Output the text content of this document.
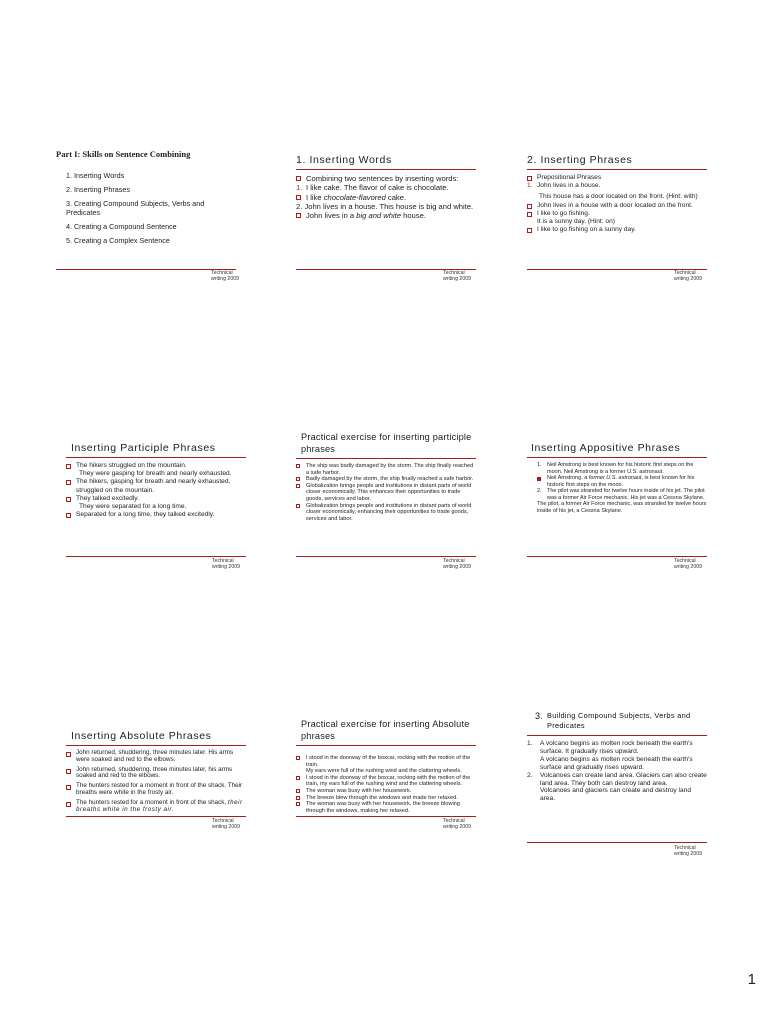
Part I: Skills on Sentence Combining

1. Inserting Words
2. Inserting Phrases
3. Creating Compound Subjects, Verbs and Predicates
4. Creating a Compound Sentence
5. Creating a Complex Sentence
Technical
writing 2009

1. Inserting Words

Combining two sentences by inserting words:
1. I like cake. The flavor of cake is chocolate.
I like chocolate-flavored cake.
2. John lives in a house. This house is big and white.
John lives in a big and white house.
Technical
writing 2009

2. Inserting Phrases

Prepositional Phrases
1. John lives in a house.
This house has a door located on the front. (Hint: with)
John lives in a house with a door located on the front.
I like to go fishing.
It is a sunny day. (Hint: on)
I like to go fishing on a sunny day.
Technical
writing 2009

Inserting Participle Phrases

The hikers struggled on the mountain.
They were gasping for breath and nearly exhausted.
The hikers, gasping for breath and nearly exhausted, struggled on the mountain.
They talked excitedly.
They were separated for a long time.
Separated for a long time, they talked excitedly.
Technical
writing 2009

Practical exercise for inserting participle phrases

The ship was badly damaged by the storm. The ship finally reached a safe harbor.
Badly damaged by the storm, the ship finally reached a safe harbor.
Globalization brings people and institutions in distant parts of world closer economically. This enhances their opportunities to trade goods, services and labor.
Globalization brings people and institutions in distant parts of world closer economically, enhancing their opportunities to trade goods, services and labor.
Technical
writing 2009

Inserting Appositive Phrases

1. Neil Amstrong is best known for his historic first steps on the moon. Neil Amstrong is a former U.S. astronaut.
Neil Amstrong, a former U.S. astronaut, is best known for his historic first steps on the moon.
2. The pilot was stranded for twelve hours inside of his jet. The pilot was a former Air Force mechanic. His jet was a Cessna Skylane.
The pilot, a former Air Force mechanic, was stranded for twelve hours inside of his jet, a Cessna Skylane.
Technical
writing 2009

Inserting Absolute Phrases

John returned, shuddering, three minutes later. His arms were soaked and red to the elbows.
John returned, shuddering, three minutes later, his arms soaked and red to the elbows.
The hunters rested for a moment in front of the shack. Their breaths were white in the frosty air.
The hunters rested for a moment in front of the shack, their breaths white in the frosty air.
Technical
writing 2009

Practical exercise for inserting Absolute phrases

I stood in the doorway of the boxcar, rocking with the motion of the train.
My ears were full of the rushing wind and the clattering wheels.
I stood in the doorway of the boxcar, rocking with the motion of the train, my ears full of the rushing wind and the clattering wheels.
The woman was busy with her housework.
The breeze blew through the windows and made her relaxed.
The woman was busy with her housework, the breeze blowing through the windows, making her relaxed.
Technical
writing 2009
3. Building Compound Subjects, Verbs and Predicates
1. A volcano begins as molten rock beneath the earth's surface. It gradually rises upward.
A volcano begins as molten rock beneath the earth's surface and gradually rises upward.
2. Volcanoes can create land area. Glaciers can also create land area. They both can destroy land area.
Volcanoes and glaciers can create and destroy land area.
Technical
writing 2009
1
